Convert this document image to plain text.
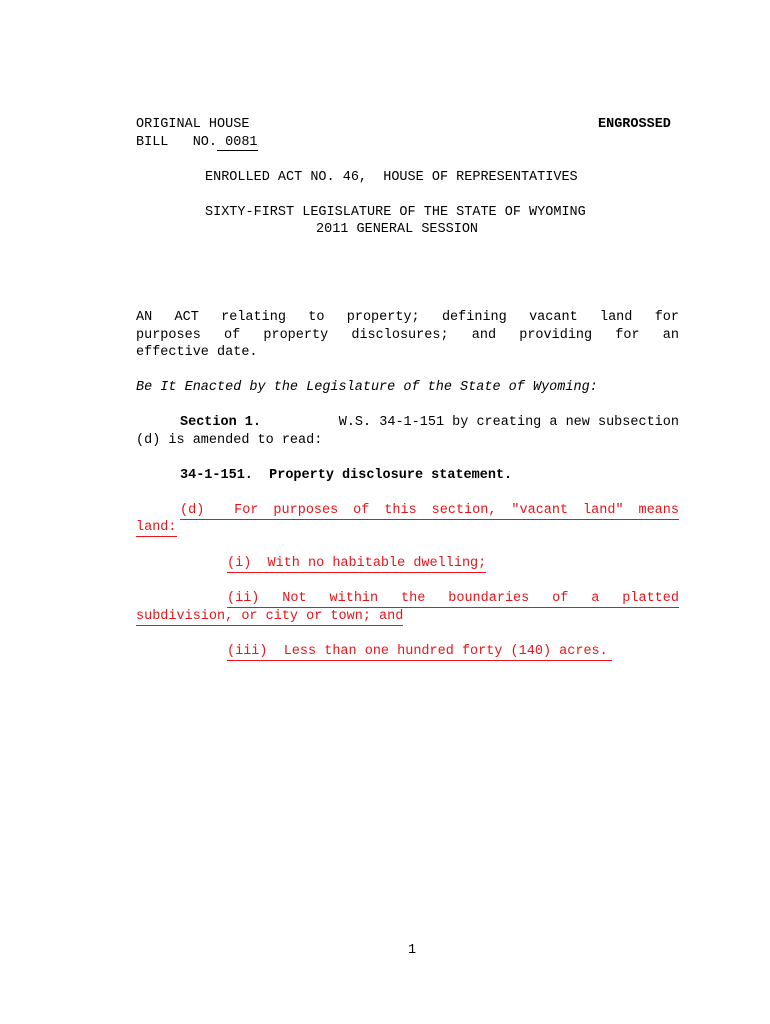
ORIGINAL HOUSE	ENGROSSED
BILL   NO. 0081
ENROLLED ACT NO. 46,  HOUSE OF REPRESENTATIVES
SIXTY-FIRST LEGISLATURE OF THE STATE OF WYOMING
2011 GENERAL SESSION
AN ACT relating to property; defining vacant land for
purposes of property disclosures; and providing for an
effective date.
Be It Enacted by the Legislature of the State of Wyoming:
Section 1.	W.S. 34-1-151 by creating a new subsection
(d) is amended to read:
34-1-151.  Property disclosure statement.
(d)  For purposes of this section, "vacant land" means
land:
(i)  With no habitable dwelling;
(ii)  Not  within  the  boundaries  of  a  platted
subdivision, or city or town; and
(iii)  Less than one hundred forty (140) acres.
1
